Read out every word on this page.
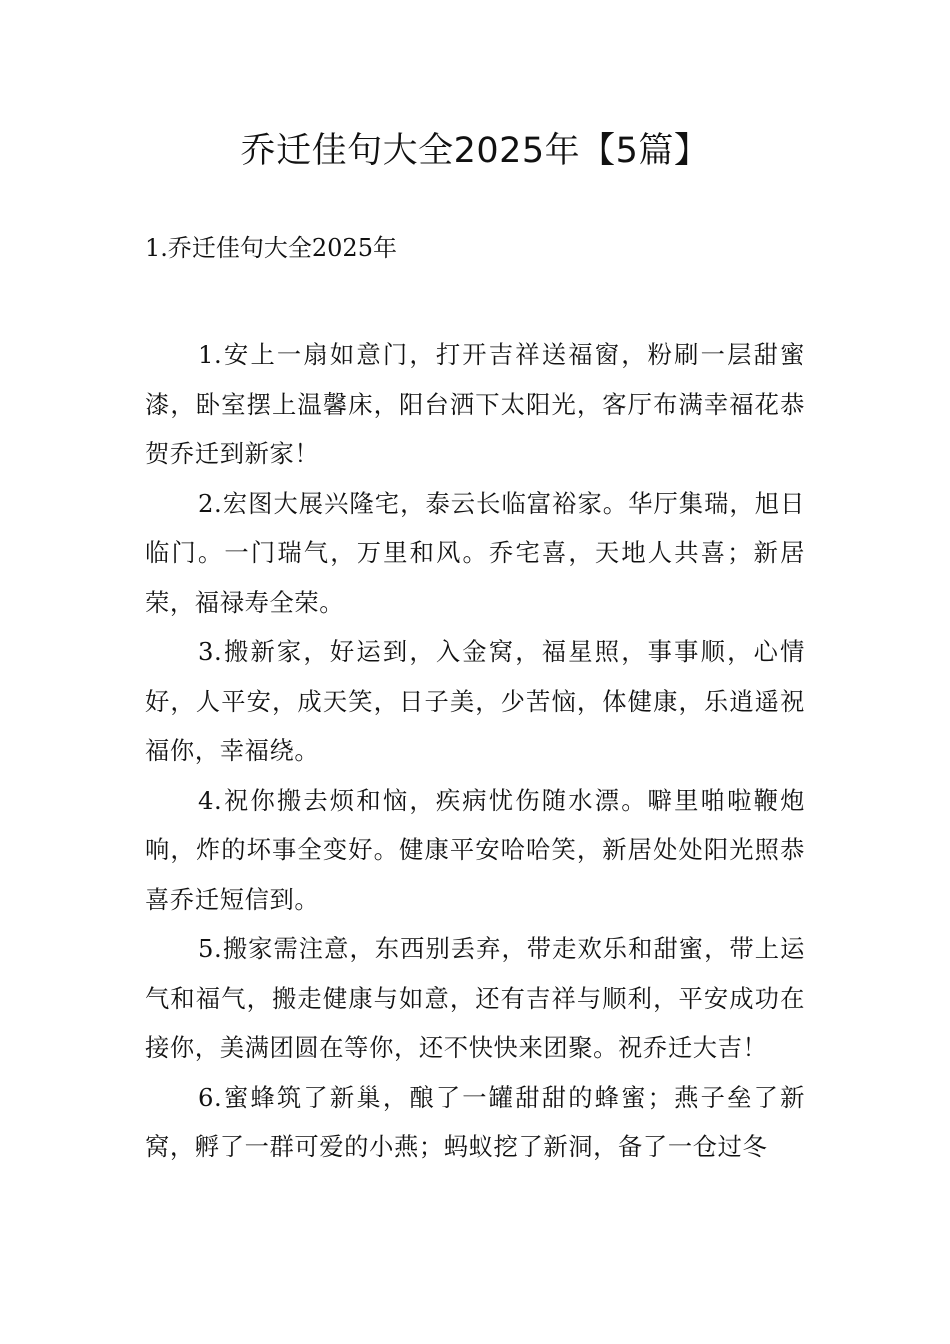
乔迁佳句大全2025年【5篇】
1.乔迁佳句大全2025年

1.安上一扇如意门，打开吉祥送福窗，粉刷一层甜蜜漆，卧室摆上温馨床，阳台洒下太阳光，客厅布满幸福花恭贺乔迁到新家！

2.宏图大展兴隆宅，泰云长临富裕家。华厅集瑞，旭日临门。一门瑞气，万里和风。乔宅喜，天地人共喜；新居荣，福禄寿全荣。

3.搬新家，好运到，入金窝，福星照，事事顺，心情好，人平安，成天笑，日子美，少苦恼，体健康，乐逍遥祝福你，幸福绕。

4.祝你搬去烦和恼，疾病忧伤随水漂。噼里啪啦鞭炮响，炸的坏事全变好。健康平安哈哈笑，新居处处阳光照恭喜乔迁短信到。

5.搬家需注意，东西别丢弃，带走欢乐和甜蜜，带上运气和福气，搬走健康与如意，还有吉祥与顺利，平安成功在接你，美满团圆在等你，还不快快来团聚。祝乔迁大吉！

6.蜜蜂筑了新巢，酿了一罐甜甜的蜂蜜；燕子垒了新窝，孵了一群可爱的小燕；蚂蚁挖了新洞，备了一仓过冬
